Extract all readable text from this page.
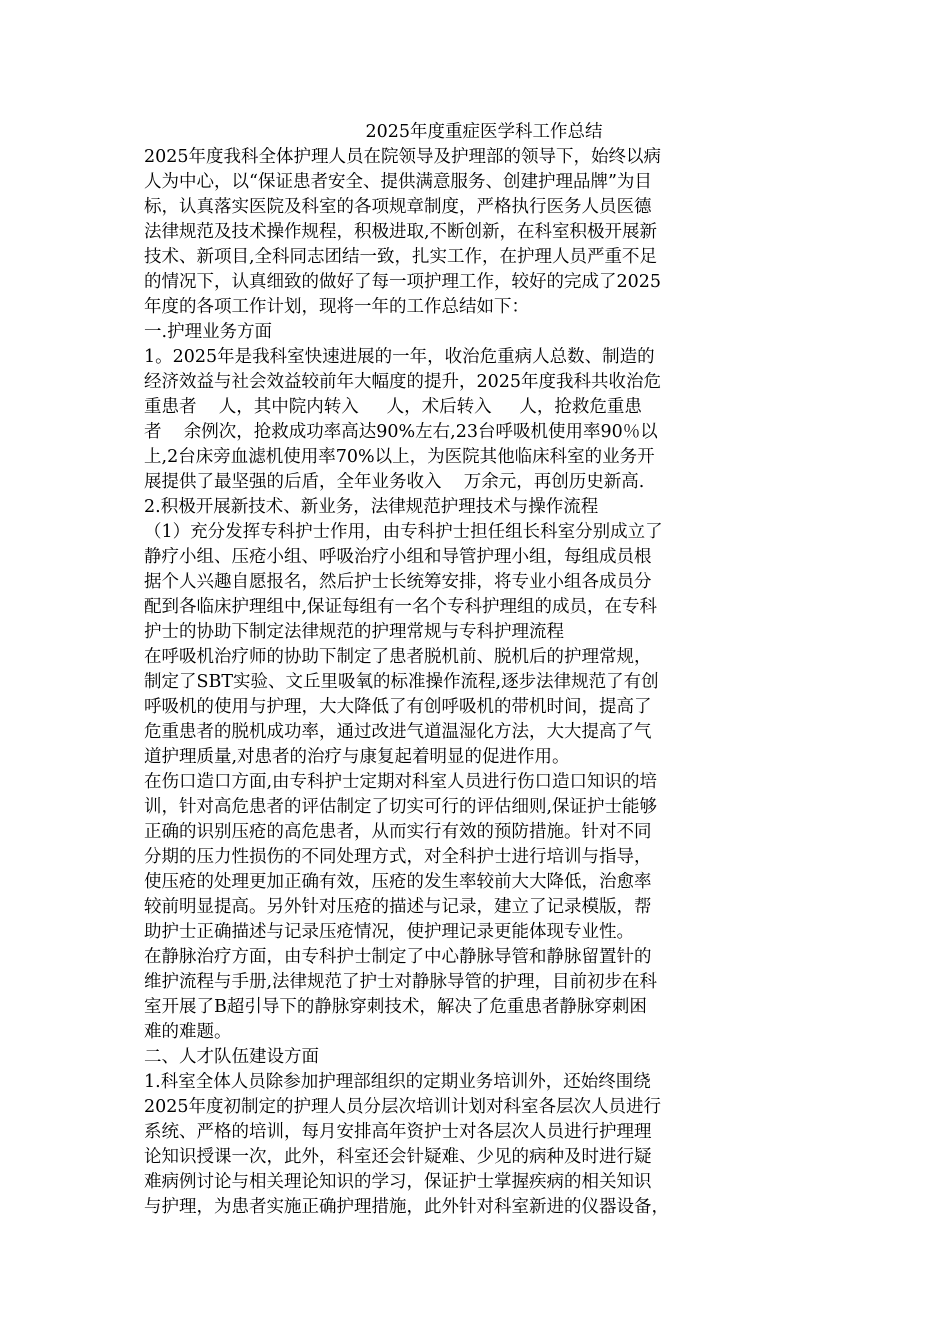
2025年度重症医学科工作总结
2025年度我科全体护理人员在院领导及护理部的领导下，始终以病
人为中心，以“保证患者安全、提供满意服务、创建护理品牌”为目
标，认真落实医院及科室的各项规章制度，严格执行医务人员医德
法律规范及技术操作规程，积极进取,不断创新，在科室积极开展新
技术、新项目,全科同志团结一致，扎实工作，在护理人员严重不足
的情况下，认真细致的做好了每一项护理工作，较好的完成了2025
年度的各项工作计划，现将一年的工作总结如下：
一.护理业务方面
1。2025年是我科室快速进展的一年，收治危重病人总数、制造的
经济效益与社会效益较前年大幅度的提升，2025年度我科共收治危
重患者    人，其中院内转入     人，术后转入     人，抢救危重患
者    余例次，抢救成功率高达90%左右,23台呼吸机使用率90％以
上,2台床旁血滤机使用率70%以上，为医院其他临床科室的业务开
展提供了最坚强的后盾，全年业务收入    万余元，再创历史新高.
2.积极开展新技术、新业务，法律规范护理技术与操作流程
（1）充分发挥专科护士作用，由专科护士担任组长科室分别成立了
静疗小组、压疮小组、呼吸治疗小组和导管护理小组，每组成员根
据个人兴趣自愿报名，然后护士长统筹安排，将专业小组各成员分
配到各临床护理组中,保证每组有一名个专科护理组的成员，在专科
护士的协助下制定法律规范的护理常规与专科护理流程
在呼吸机治疗师的协助下制定了患者脱机前、脱机后的护理常规，
制定了SBT实验、文丘里吸氧的标准操作流程,逐步法律规范了有创
呼吸机的使用与护理，大大降低了有创呼吸机的带机时间，提高了
危重患者的脱机成功率，通过改进气道温湿化方法，大大提高了气
道护理质量,对患者的治疗与康复起着明显的促进作用。
在伤口造口方面,由专科护士定期对科室人员进行伤口造口知识的培
训，针对高危患者的评估制定了切实可行的评估细则,保证护士能够
正确的识别压疮的高危患者，从而实行有效的预防措施。针对不同
分期的压力性损伤的不同处理方式，对全科护士进行培训与指导，
使压疮的处理更加正确有效，压疮的发生率较前大大降低，治愈率
较前明显提高。另外针对压疮的描述与记录，建立了记录模版，帮
助护士正确描述与记录压疮情况，使护理记录更能体现专业性。
在静脉治疗方面，由专科护士制定了中心静脉导管和静脉留置针的
维护流程与手册,法律规范了护士对静脉导管的护理，目前初步在科
室开展了B超引导下的静脉穿刺技术，解决了危重患者静脉穿刺困
难的难题。
二、人才队伍建设方面
1.科室全体人员除参加护理部组织的定期业务培训外，还始终围绕
2025年度初制定的护理人员分层次培训计划对科室各层次人员进行
系统、严格的培训，每月安排高年资护士对各层次人员进行护理理
论知识授课一次，此外，科室还会针疑难、少见的病种及时进行疑
难病例讨论与相关理论知识的学习，保证护士掌握疾病的相关知识
与护理，为患者实施正确护理措施，此外针对科室新进的仪器设备，
